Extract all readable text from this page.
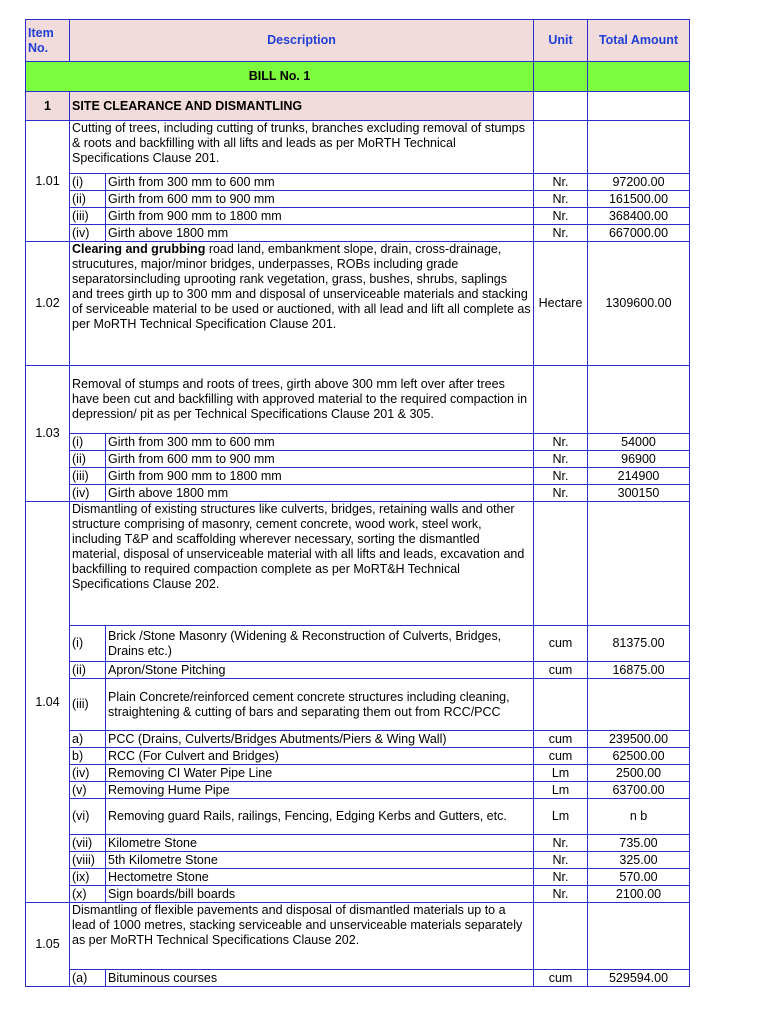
Item No.	Description		Unit	Total Amount
BILL No. 1				
1	SITE CLEARANCE AND DISMANTLING			
1.01	Cutting of trees, including cutting of trunks, branches excluding removal of stumps & roots and backfilling with all lifts and leads as per MoRTH Technical Specifications Clause 201.			
	(i)	Girth from 300 mm to 600 mm	Nr.	97200.00
	(ii)	Girth from 600 mm to 900 mm	Nr.	161500.00
	(iii)	Girth from 900 mm to 1800 mm	Nr.	368400.00
	(iv)	Girth above 1800 mm	Nr.	667000.00
1.02	Clearing and grubbing road land, embankment slope, drain, cross-drainage, strucutures, major/minor bridges, underpasses, ROBs including grade separatorsincluding uprooting rank vegetation, grass, bushes, shrubs, saplings and trees girth up to 300 mm and disposal of unserviceable materials and stacking of serviceable material to be used or auctioned, with all lead and lift all complete as per MoRTH Technical Specification Clause 201.		Hectare	1309600.00
1.03	Removal of stumps and roots of trees, girth above 300 mm left over after trees have been cut and backfilling with approved material to the required compaction in depression/ pit as per Technical Specifications Clause 201 & 305.			
	(i)	Girth from 300 mm to 600 mm	Nr.	54000
	(ii)	Girth from 600 mm to 900 mm	Nr.	96900
	(iii)	Girth from 900 mm to 1800 mm	Nr.	214900
	(iv)	Girth above 1800 mm	Nr.	300150
1.04	Dismantling of existing structures like culverts, bridges, retaining walls and other structure comprising of masonry, cement concrete, wood work, steel work, including T&P and scaffolding wherever necessary, sorting the dismantled material, disposal of unserviceable material with all lifts and leads, excavation and backfilling to required compaction complete as per MoRT&H Technical Specifications Clause 202.			
	(i)	Brick /Stone Masonry (Widening & Reconstruction of Culverts, Bridges, Drains etc.)	cum	81375.00
	(ii)	Apron/Stone Pitching	cum	16875.00
	(iii)	Plain Concrete/reinforced cement concrete structures including cleaning, straightening & cutting of bars and separating them out from RCC/PCC		
	a)	PCC (Drains, Culverts/Bridges Abutments/Piers & Wing Wall)	cum	239500.00
	b)	RCC (For Culvert and Bridges)	cum	62500.00
	(iv)	Removing CI Water Pipe Line	Lm	2500.00
	(v)	Removing Hume Pipe	Lm	63700.00
	(vi)	Removing guard Rails, railings, Fencing, Edging Kerbs and Gutters, etc.	Lm	n b
	(vii)	Kilometre Stone	Nr.	735.00
	(viii)	5th Kilometre Stone	Nr.	325.00
	(ix)	Hectometre Stone	Nr.	570.00
	(x)	Sign boards/bill boards	Nr.	2100.00
1.05	Dismantling of flexible pavements and disposal of dismantled materials up to a lead of 1000 metres, stacking serviceable and unserviceable materials separately as per MoRTH Technical Specifications Clause 202.			
	(a)	Bituminous courses	cum	529594.00
